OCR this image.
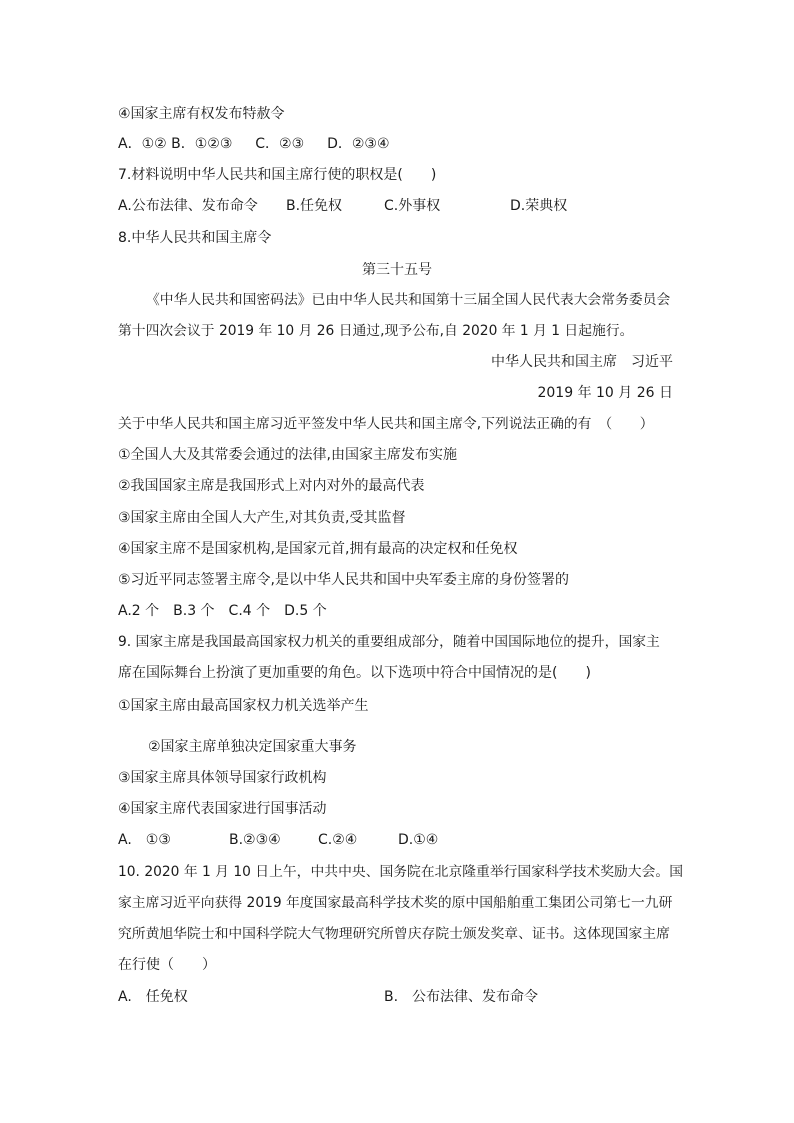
④国家主席有权发布特赦令
A．①② B．①②③ 　 C．②③ 　 D．②③④
7.材料说明中华人民共和国主席行使的职权是(　　)
A.公布法律、发布命令 B.任免权	C.外事权	D.荣典权
8.中华人民共和国主席令
第三十五号
《中华人民共和国密码法》已由中华人民共和国第十三届全国人民代表大会常务委员会
第十四次会议于 2019 年 10 月 26 日通过,现予公布,自 2020 年 1 月 1 日起施行。
中华人民共和国主席　习近平
2019 年 10 月 26 日
关于中华人民共和国主席习近平签发中华人民共和国主席令,下列说法正确的有　（　　）
①全国人大及其常委会通过的法律,由国家主席发布实施
②我国国家主席是我国形式上对内对外的最高代表
③国家主席由全国人大产生,对其负责,受其监督
④国家主席不是国家机构,是国家元首,拥有最高的决定权和任免权
⑤习近平同志签署主席令,是以中华人民共和国中央军委主席的身份签署的
A.2 个　B.3 个　C.4 个　D.5 个
9. 国家主席是我国最高国家权力机关的重要组成部分，随着中国国际地位的提升，国家主
席在国际舞台上扮演了更加重要的角色。以下选项中符合中国情况的是(　　)
①国家主席由最高国家权力机关选举产生
②国家主席单独决定国家重大事务
③国家主席具体领导国家行政机构
④国家主席代表国家进行国事活动
A.　①③	B.②③④	C.②④	D.①④
10. 2020 年 1 月 10 日上午，中共中央、国务院在北京隆重举行国家科学技术奖励大会。国
家主席习近平向获得 2019 年度国家最高科学技术奖的原中国船舶重工集团公司第七一九研
究所黄旭华院士和中国科学院大气物理研究所曾庆存院士颁发奖章、证书。这体现国家主席
在行使（　　）
A.　任免权	B.　公布法律、发布命令
